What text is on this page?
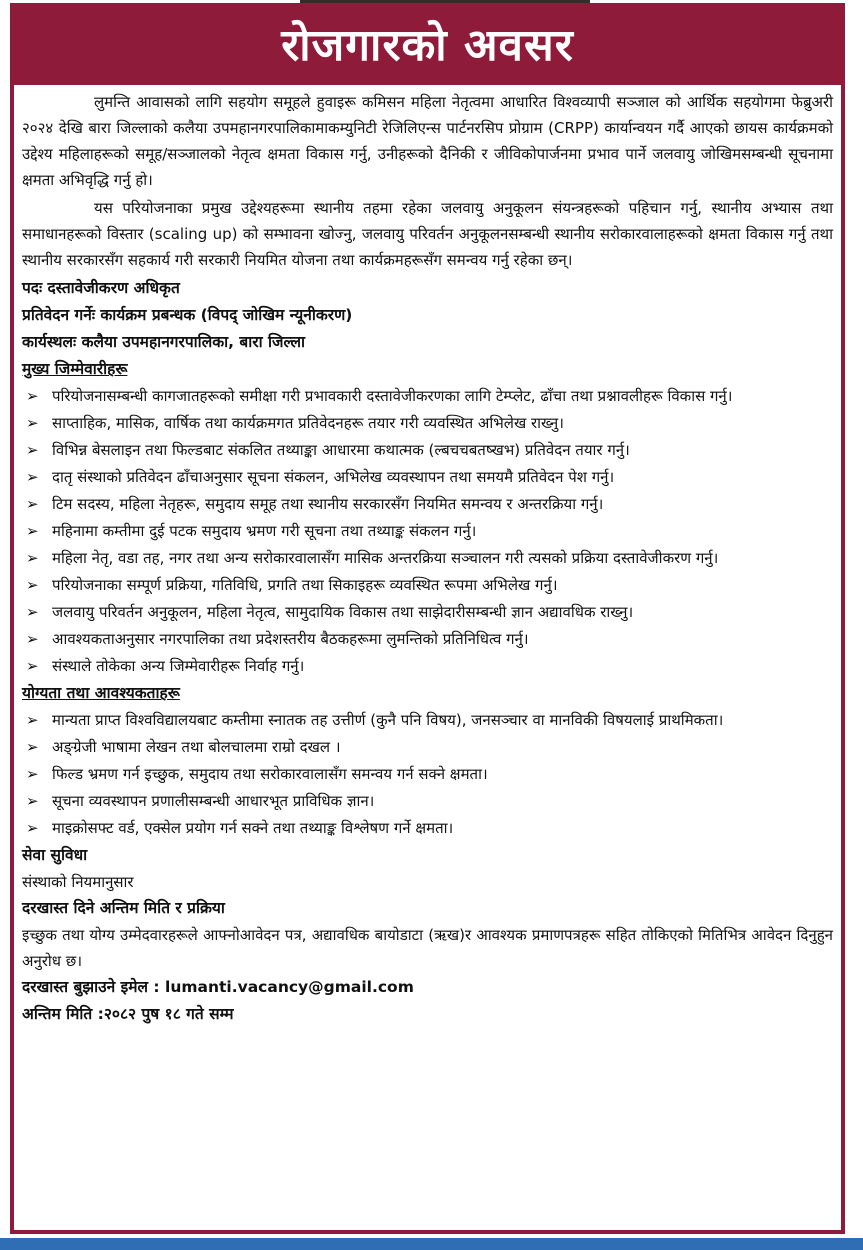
रोजगारको अवसर

लुमन्ति आवासको लागि सहयोग समूहले हुवाइरू कमिसन महिला नेतृत्वमा आधारित विश्वव्यापी सञ्जाल को आर्थिक सहयोगमा फेब्रुअरी २०२४ देखि बारा जिल्लाको कलैया उपमहानगरपालिकामाकम्युनिटी रेजिलिएन्स पार्टनरसिप प्रोग्राम (CRPP) कार्यान्वयन गर्दै आएको छायस कार्यक्रमको उद्देश्य महिलाहरूको समूह/सञ्जालको नेतृत्व क्षमता विकास गर्नु, उनीहरूको दैनिकी र जीविकोपार्जनमा प्रभाव पार्ने जलवायु जोखिमसम्बन्धी सूचनामा क्षमता अभिवृद्धि गर्नु हो।

यस परियोजनाका प्रमुख उद्देश्यहरूमा स्थानीय तहमा रहेका जलवायु अनुकूलन संयन्त्रहरूको पहिचान गर्नु, स्थानीय अभ्यास तथा समाधानहरूको विस्तार (scaling up) को सम्भावना खोज्नु, जलवायु परिवर्तन अनुकूलनसम्बन्धी स्थानीय सरोकारवालाहरूको क्षमता विकास गर्नु तथा स्थानीय सरकारसँग सहकार्य गरी सरकारी नियमित योजना तथा कार्यक्रमहरूसँग समन्वय गर्नु रहेका छन्।

पदः दस्तावेजीकरण अधिकृत
प्रतिवेदन गर्नेः कार्यक्रम प्रबन्धक (विपद् जोखिम न्यूनीकरण)
कार्यस्थलः कलैया उपमहानगरपालिका, बारा जिल्ला
मुख्य जिम्मेवारीहरू
➢ परियोजनासम्बन्धी कागजातहरूको समीक्षा गरी प्रभावकारी दस्तावेजीकरणका लागि टेम्प्लेट, ढाँचा तथा प्रश्नावलीहरू विकास गर्नु।
➢ साप्ताहिक, मासिक, वार्षिक तथा कार्यक्रमगत प्रतिवेदनहरू तयार गरी व्यवस्थित अभिलेख राख्नु।
➢ विभिन्न बेसलाइन तथा फिल्डबाट संकलित तथ्याङ्का आधारमा कथात्मक (ल्बचचबतष्खभ) प्रतिवेदन तयार गर्नु।
➢ दातृ संस्थाको प्रतिवेदन ढाँचाअनुसार सूचना संकलन, अभिलेख व्यवस्थापन तथा समयमै प्रतिवेदन पेश गर्नु।
➢ टिम सदस्य, महिला नेतृहरू, समुदाय समूह तथा स्थानीय सरकारसँग नियमित समन्वय र अन्तरक्रिया गर्नु।
➢ महिनामा कम्तीमा दुई पटक समुदाय भ्रमण गरी सूचना तथा तथ्याङ्क संकलन गर्नु।
➢ महिला नेतृ, वडा तह, नगर तथा अन्य सरोकारवालासँग मासिक अन्तरक्रिया सञ्चालन गरी त्यसको प्रक्रिया दस्तावेजीकरण गर्नु।
➢ परियोजनाका सम्पूर्ण प्रक्रिया, गतिविधि, प्रगति तथा सिकाइहरू व्यवस्थित रूपमा अभिलेख गर्नु।
➢ जलवायु परिवर्तन अनुकूलन, महिला नेतृत्व, सामुदायिक विकास तथा साझेदारीसम्बन्धी ज्ञान अद्यावधिक राख्नु।
➢ आवश्यकताअनुसार नगरपालिका तथा प्रदेशस्तरीय बैठकहरूमा लुमन्तिको प्रतिनिधित्व गर्नु।
➢ संस्थाले तोकेका अन्य जिम्मेवारीहरू निर्वाह गर्नु।
योग्यता तथा आवश्यकताहरू
➢ मान्यता प्राप्त विश्वविद्यालयबाट कम्तीमा स्नातक तह उत्तीर्ण (कुनै पनि विषय), जनसञ्चार वा मानविकी विषयलाई प्राथमिकता।
➢ अङ्ग्रेजी भाषामा लेखन तथा बोलचालमा राम्रो दखल ।
➢ फिल्ड भ्रमण गर्न इच्छुक, समुदाय तथा सरोकारवालासँग समन्वय गर्न सक्ने क्षमता।
➢ सूचना व्यवस्थापन प्रणालीसम्बन्धी आधारभूत प्राविधिक ज्ञान।
➢ माइक्रोसफ्ट वर्ड, एक्सेल प्रयोग गर्न सक्ने तथा तथ्याङ्क विश्लेषण गर्ने क्षमता।
सेवा सुविधा
संस्थाको नियमानुसार
दरखास्त दिने अन्तिम मिति र प्रक्रिया
इच्छुक तथा योग्य उम्मेदवारहरूले आफ्नोआवेदन पत्र, अद्यावधिक बायोडाटा (ऋख)र आवश्यक प्रमाणपत्रहरू सहित तोकिएको मितिभित्र आवेदन दिनुहुन अनुरोध छ।
दरखास्त बुझाउने इमेल : lumanti.vacancy@gmail.com
अन्तिम मिति :२०८२ पुष १८ गते सम्म
